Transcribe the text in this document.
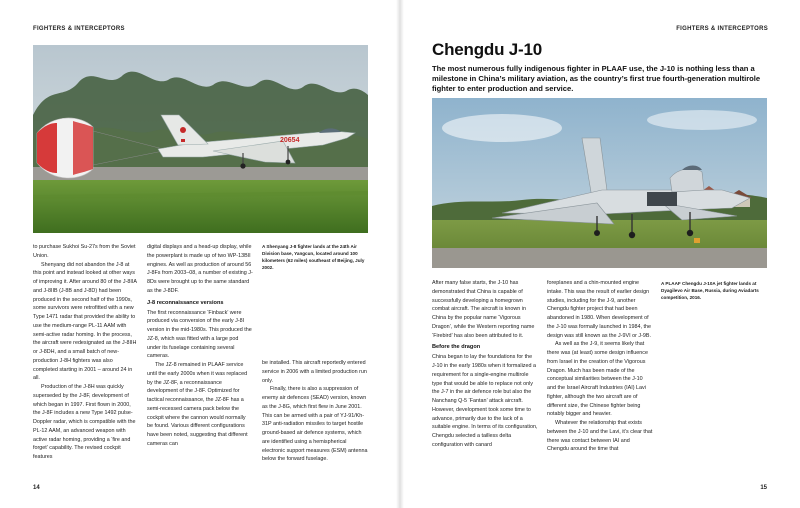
FIGHTERS & INTERCEPTORS
20654
A Shenyang J-8 fighter lands at the 24th Air Division base, Yangcun, located around 100 kilometers (62 miles) southeast of Beijing, July 2002.

to purchase Sukhoi Su-27s from the Soviet Union.

Shenyang did not abandon the J-8 at this point and instead looked at other ways of improving it. After around 80 of the J-8IIA and J-8IIB (J-8B and J-8D) had been produced in the second half of the 1990s, some survivors were retrofitted with a new Type 1471 radar that provided the ability to use the medium-range PL-11 AAM with semi-active radar homing. In the process, the aircraft were redesignated as the J-8IIH or J-8DH, and a small batch of new-production J-8H fighters was also completed starting in 2001 – around 24 in all.

Production of the J-8H was quickly superseded by the J-8F, development of which began in 1997. First flown in 2000, the J-8F includes a new Type 1492 pulse-Doppler radar, which is compatible with the PL-12 AAM, an advanced weapon with active radar homing, providing a ‘fire and forget’ capability. The revised cockpit features

digital displays and a head-up display, while the powerplant is made up of two WP-13BII engines. As well as production of around 56 J-8Fs from 2003–08, a number of existing J-8Ds were brought up to the same standard as the J-8DF.

J-8 reconnaissance versions

The first reconnaissance ‘Finback’ were produced via conversion of the early J-8I version in the mid-1980s. This produced the JZ-8, which was fitted with a large pod under its fuselage containing several cameras.

The JZ-8 remained in PLAAF service until the early 2000s when it was replaced by the JZ-8F, a reconnaissance development of the J-8F. Optimized for tactical reconnaissance, the JZ-8F has a semi-recessed camera pack below the cockpit where the cannon would normally be found. Various different configurations have been noted, suggesting that different cameras can

be installed. This aircraft reportedly entered service in 2006 with a limited production run only.

Finally, there is also a suppression of enemy air defences (SEAD) version, known as the J-8G, which first flew in June 2001. This can be armed with a pair of YJ-91/Kh-31P anti-radiation missiles to target hostile ground-based air defence systems, which are identified using a hemispherical electronic support measures (ESM) antenna below the forward fuselage.

14
FIGHTERS & INTERCEPTORS
Chengdu J-10
The most numerous fully indigenous fighter in PLAAF use, the J-10 is nothing less than a milestone in China’s military aviation, as the country’s first true fourth-generation multirole fighter to enter production and service.
A PLAAF Chengdu J-10A jet fighter lands at Dyagilevo Air Base, Russia, during Aviadarts competition, 2016.

After many false starts, the J-10 has demonstrated that China is capable of successfully developing a homegrown combat aircraft. The aircraft is known in China by the popular name ‘Vigorous Dragon’, while the Western reporting name ‘Firebird’ has also been attributed to it.

Before the dragon

China began to lay the foundations for the J-10 in the early 1980s when it formalized a requirement for a single-engine multirole type that would be able to replace not only the J-7 in the air defence role but also the Nanchang Q-5 ‘Fantan’ attack aircraft. However, development took some time to advance, primarily due to the lack of a suitable engine. In terms of its configuration, Chengdu selected a tailless delta configuration with canard

foreplanes and a chin-mounted engine intake. This was the result of earlier design studies, including for the J-9, another Chengdu fighter project that had been abandoned in 1980. When development of the J-10 was formally launched in 1984, the design was still known as the J-9VI or J-9B.

As well as the J-9, it seems likely that there was (at least) some design influence from Israel in the creation of the Vigorous Dragon. Much has been made of the conceptual similarities between the J-10 and the Israel Aircraft Industries (IAI) Lavi fighter, although the two aircraft are of different size, the Chinese fighter being notably bigger and heavier.

Whatever the relationship that exists between the J-10 and the Lavi, it’s clear that there was contact between IAI and Chengdu around the time that

15
